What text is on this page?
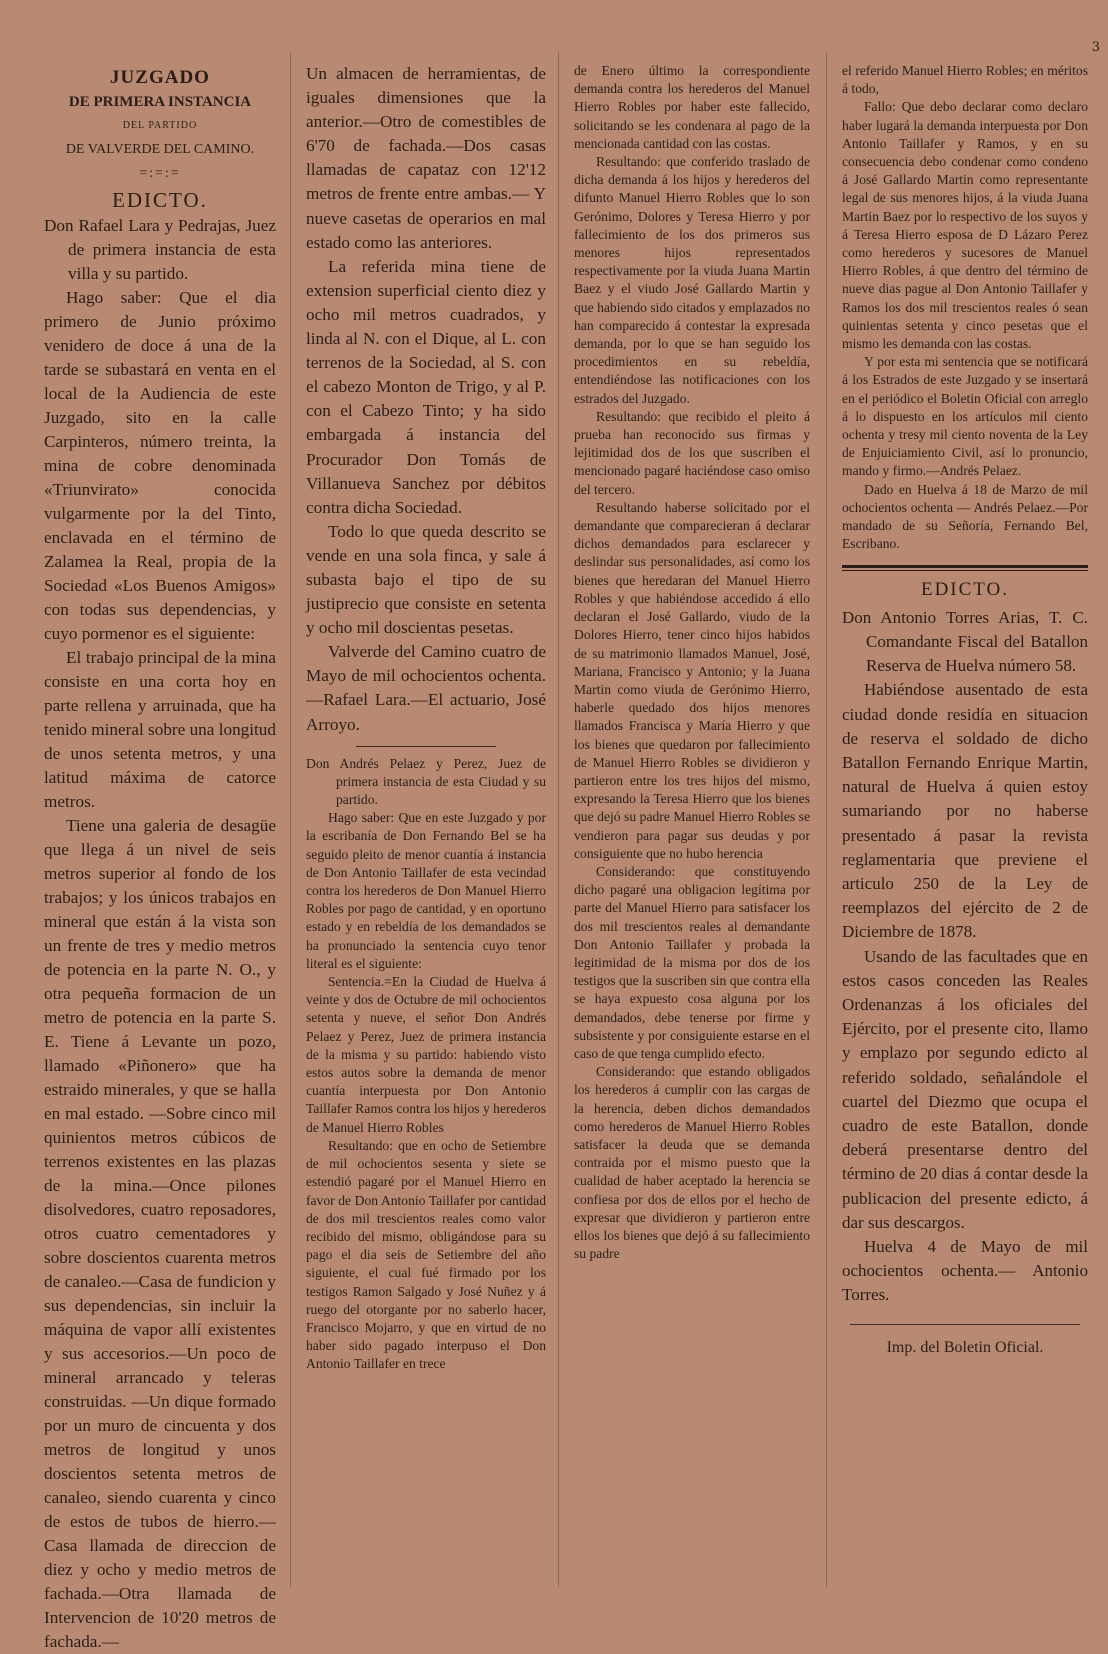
3
JUZGADO
DE PRIMERA INSTANCIA
DEL PARTIDO
DE VALVERDE DEL CAMINO.
=:=:=
EDICTO.
Don Rafael Lara y Pedrajas, Juez de primera instancia de esta villa y su partido.

Hago saber: Que el dia primero de Junio próximo venidero de doce á una de la tarde se subastará en venta en el local de la Audiencia de este Juzgado, sito en la calle Carpinteros, número treinta, la mina de cobre denominada «Triunvirato» conocida vulgarmente por la del Tinto, enclavada en el término de Zalamea la Real, propia de la Sociedad «Los Buenos Amigos» con todas sus dependencias, y cuyo pormenor es el siguiente:

El trabajo principal de la mina consiste en una corta hoy en parte rellena y arruinada, que ha tenido mineral sobre una longitud de unos setenta metros, y una latitud máxima de catorce metros.

Tiene una galeria de desagüe que llega á un nivel de seis metros superior al fondo de los trabajos; y los únicos trabajos en mineral que están á la vista son un frente de tres y medio metros de potencia en la parte N. O., y otra pequeña formacion de un metro de potencia en la parte S. E. Tiene á Levante un pozo, llamado «Piñonero» que ha estraido minerales, y que se halla en mal estado. —Sobre cinco mil quinientos metros cúbicos de terrenos existentes en las plazas de la mina.—Once pilones disolvedores, cuatro reposadores, otros cuatro cementadores y sobre doscientos cuarenta metros de canaleo.—Casa de fundicion y sus dependencias, sin incluir la máquina de vapor allí existentes y sus accesorios.—Un poco de mineral arrancado y teleras construidas. —Un dique formado por un muro de cincuenta y dos metros de longitud y unos doscientos setenta metros de canaleo, siendo cuarenta y cinco de estos de tubos de hierro.—Casa llamada de direccion de diez y ocho y medio metros de fachada.—Otra llamada de Intervencion de 10'20 metros de fachada.—

Un almacen de herramientas, de iguales dimensiones que la anterior.—Otro de comestibles de 6'70 de fachada.—Dos casas llamadas de capataz con 12'12 metros de frente entre ambas.— Y nueve casetas de operarios en mal estado como las anteriores.

La referida mina tiene de extension superficial ciento diez y ocho mil metros cuadrados, y linda al N. con el Dique, al L. con terrenos de la Sociedad, al S. con el cabezo Monton de Trigo, y al P. con el Cabezo Tinto; y ha sido embargada á instancia del Procurador Don Tomás de Villanueva Sanchez por débitos contra dicha Sociedad.

Todo lo que queda descrito se vende en una sola finca, y sale á subasta bajo el tipo de su justiprecio que consiste en setenta y ocho mil doscientas pesetas.

Valverde del Camino cuatro de Mayo de mil ochocientos ochenta.—Rafael Lara.—El actuario, José Arroyo.

Don Andrés Pelaez y Perez, Juez de primera instancia de esta Ciudad y su partido.

Hago saber: Que en este Juzgado y por la escribanía de Don Fernando Bel se ha seguido pleito de menor cuantía á instancia de Don Antonio Taillafer de esta vecindad contra los herederos de Don Manuel Hierro Robles por pago de cantidad, y en oportuno estado y en rebeldía de los demandados se ha pronunciado la sentencia cuyo tenor literal es el siguiente:

Sentencia.=En la Ciudad de Huelva á veinte y dos de Octubre de mil ochocientos setenta y nueve, el señor Don Andrés Pelaez y Perez, Juez de primera instancia de la misma y su partido: habiendo visto estos autos sobre la demanda de menor cuantía interpuesta por Don Antonio Taillafer Ramos contra los hijos y herederos de Manuel Hierro Robles

Resultando: que en ocho de Setiembre de mil ochocientos sesenta y siete se estendió pagaré por el Manuel Hierro en favor de Don Antonio Taillafer por cantidad de dos mil trescientos reales como valor recibido del mismo, obligándose para su pago el dia seis de Setiembre del año siguiente, el cual fué firmado por los testigos Ramon Salgado y José Nuñez y á ruego del otorgante por no saberlo hacer, Francisco Mojarro, y que en virtud de no haber sido pagado interpuso el Don Antonio Taillafer en trece

de Enero último la correspondiente demanda contra los herederos del Manuel Hierro Robles por haber este fallecido, solicitando se les condenara al pago de la mencionada cantidad con las costas.

Resultando: que conferido traslado de dicha demanda á los hijos y herederos del difunto Manuel Hierro Robles que lo son Gerónimo, Dolores y Teresa Hierro y por fallecimiento de los dos primeros sus menores hijos representados respectivamente por la viuda Juana Martin Baez y el viudo José Gallardo Martin y que habiendo sido citados y emplazados no han comparecido á contestar la expresada demanda, por lo que se han seguido los procedimientos en su rebeldía, entendiéndose las notificaciones con los estrados del Juzgado.

Resultando: que recibido el pleito á prueba han reconocido sus firmas y lejitimidad dos de los que suscriben el mencionado pagaré haciéndose caso omiso del tercero.

Resultando haberse solicitado por el demandante que comparecieran á declarar dichos demandados para esclarecer y deslindar sus personalidades, así como los bienes que heredaran del Manuel Hierro Robles y que habiéndose accedido á ello declaran el José Gallardo, viudo de la Dolores Hierro, tener cinco hijos habidos de su matrimonio llamados Manuel, José, Mariana, Francisco y Antonio; y la Juana Martin como viuda de Gerónimo Hierro, haberle quedado dos hijos menores llamados Francisca y María Hierro y que los bienes que quedaron por fallecimiento de Manuel Hierro Robles se dividieron y partieron entre los tres hijos del mismo, expresando la Teresa Hierro que los bienes que dejó su padre Manuel Hierro Robles se vendieron para pagar sus deudas y por consiguiente que no hubo herencia

Considerando: que constituyendo dicho pagaré una obligacion legítima por parte del Manuel Hierro para satisfacer los dos mil trescientos reales al demandante Don Antonio Taillafer y probada la legitimidad de la misma por dos de los testigos que la suscriben sin que contra ella se haya expuesto cosa alguna por los demandados, debe tenerse por firme y subsistente y por consiguiente estarse en el caso de que tenga cumplido efecto.

Considerando: que estando obligados los herederos á cumplir con las cargas de la herencia, deben dichos demandados como herederos de Manuel Hierro Robles satisfacer la deuda que se demanda contraida por el mismo puesto que la cualidad de haber aceptado la herencia se confiesa por dos de ellos por el hecho de expresar que dividieron y partieron entre ellos los bienes que dejó á su fallecimiento su padre

el referido Manuel Hierro Robles; en méritos á todo,

Fallo: Que debo declarar como declaro haber lugará la demanda interpuesta por Don Antonio Taillafer y Ramos, y en su consecuencia debo condenar como condeno á José Gallardo Martin como representante legal de sus menores hijos, á la viuda Juana Martin Baez por lo respectivo de los suyos y á Teresa Hierro esposa de D Lázaro Perez como herederos y sucesores de Manuel Hierro Robles, á que dentro del término de nueve dias pague al Don Antonio Taillafer y Ramos los dos mil trescientos reales ó sean quinientas setenta y cinco pesetas que el mismo les demanda con las costas.

Y por esta mi sentencia que se notificará á los Estrados de este Juzgado y se insertará en el periódico el Boletin Oficial con arreglo á lo dispuesto en los artículos mil ciento ochenta y tresy mil ciento noventa de la Ley de Enjuiciamiento Civil, así lo pronuncio, mando y firmo.—Andrés Pelaez.

Dado en Huelva á 18 de Marzo de mil ochocientos ochenta — Andrés Pelaez.—Por mandado de su Señoría, Fernando Bel, Escribano.

EDICTO.
Don Antonio Torres Arias, T. C. Comandante Fiscal del Batallon Reserva de Huelva número 58.

Habiéndose ausentado de esta ciudad donde residía en situacion de reserva el soldado de dicho Batallon Fernando Enrique Martin, natural de Huelva á quien estoy sumariando por no haberse presentado á pasar la revista reglamentaria que previene el articulo 250 de la Ley de reemplazos del ejército de 2 de Diciembre de 1878.

Usando de las facultades que en estos casos conceden las Reales Ordenanzas á los oficiales del Ejército, por el presente cito, llamo y emplazo por segundo edicto al referido soldado, señalándole el cuartel del Diezmo que ocupa el cuadro de este Batallon, donde deberá presentarse dentro del término de 20 dias á contar desde la publicacion del presente edicto, á dar sus descargos.

Huelva 4 de Mayo de mil ochocientos ochenta.— Antonio Torres.

Imp. del Boletin Oficial.
